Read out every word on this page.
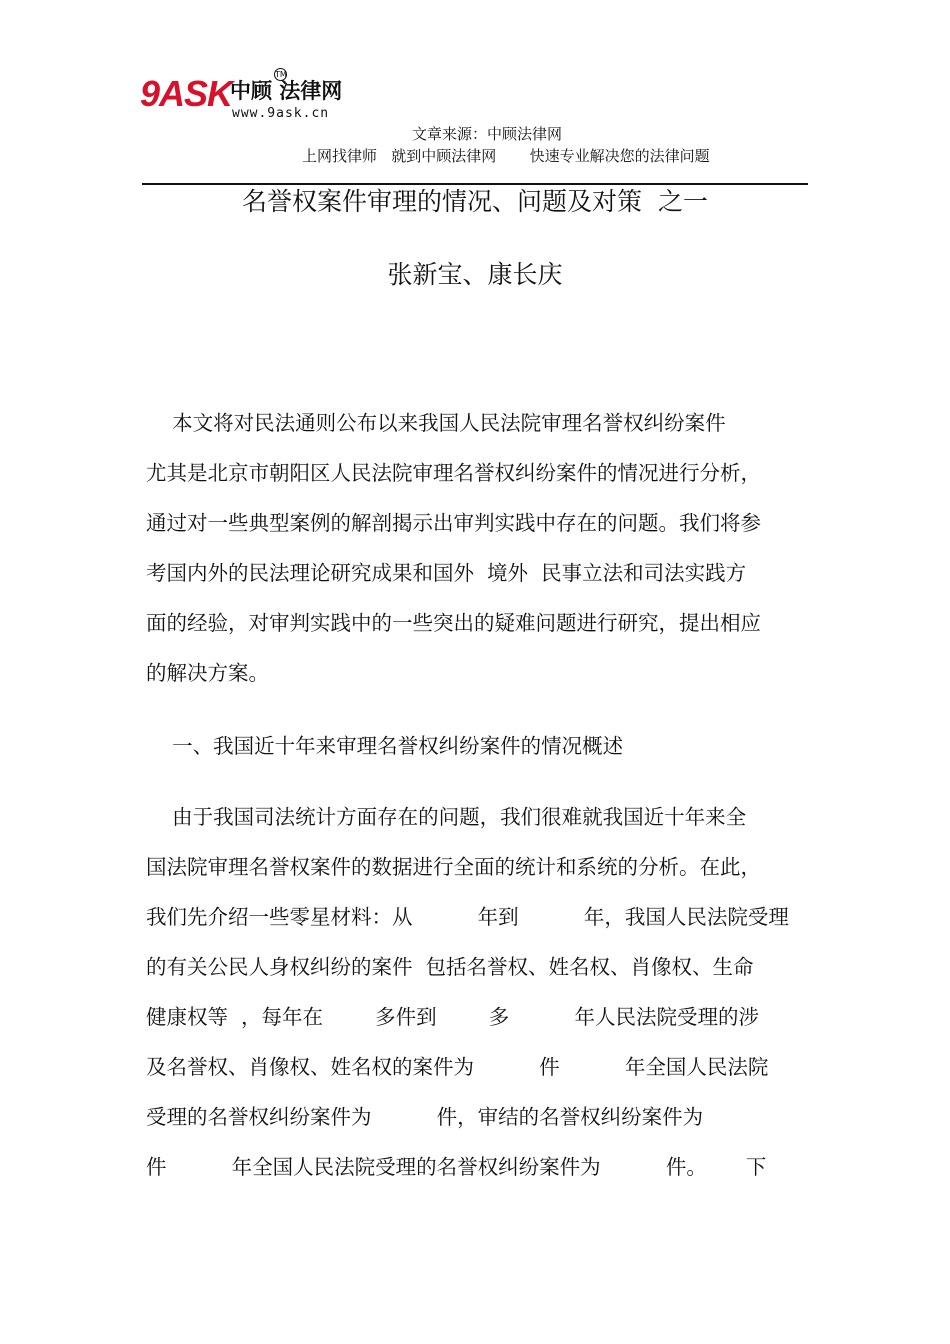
9ASK
中顾 法律网
TM
www.9ask.cn
文章来源：中顾法律网
上网找律师   就到中顾法律网       快速专业解决您的法律问题
名誉权案件审理的情况、问题及对策  之一
张新宝、康长庆
本文将对民法通则公布以来我国人民法院审理名誉权纠纷案件
尤其是北京市朝阳区人民法院审理名誉权纠纷案件的情况进行分析，
通过对一些典型案例的解剖揭示出审判实践中存在的问题。我们将参
考国内外的民法理论研究成果和国外  境外  民事立法和司法实践方
面的经验，对审判实践中的一些突出的疑难问题进行研究，提出相应
的解决方案。
一、我国近十年来审理名誉权纠纷案件的情况概述
由于我国司法统计方面存在的问题，我们很难就我国近十年来全
国法院审理名誉权案件的数据进行全面的统计和系统的分析。在此，
我们先介绍一些零星材料：从          年到          年，我国人民法院受理
的有关公民人身权纠纷的案件  包括名誉权、姓名权、肖像权、生命
健康权等  ，每年在        多件到        多          年人民法院受理的涉
及名誉权、肖像权、姓名权的案件为          件          年全国人民法院
受理的名誉权纠纷案件为          件，审结的名誉权纠纷案件为
件          年全国人民法院受理的名誉权纠纷案件为          件。      下
